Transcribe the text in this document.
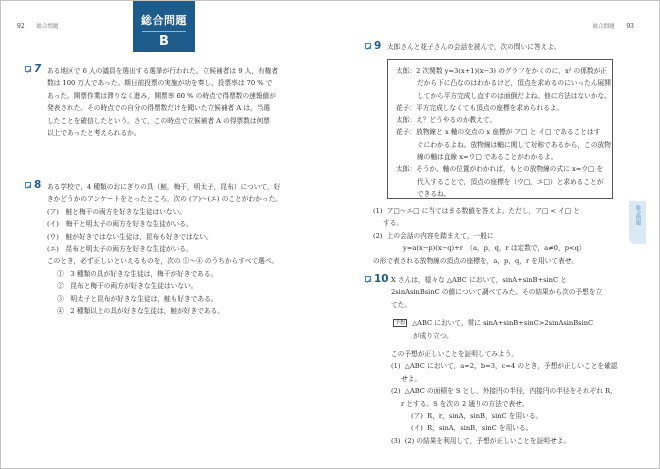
92 総合問題	総合問題
B
7 ある地区で 6 人の議員を選出する選挙が行われた。立候補者は 9 人，有権者
数は 100 万人であった。期日前投票の実施が功を奏し，投票率は 70 % で
あった。開票作業は滞りなく進み，開票率 60 % の時点で得票数の速報値が
発表された。その時点での自分の得票数だけを聞いた立候補者 A は，当選
したことを確信したという。さて，この時点で立候補者 A の得票数は何票
以上であったと考えられるか。
8 ある学校で，4 種類のおにぎりの具（鮭，梅干，明太子，昆布）について，好
きかどうかのアンケートをとったところ，次の (ア)～(エ) のことがわかった。
(ア)　鮭と梅干の両方を好きな生徒はいない。
(イ)　梅干と明太子の両方を好きな生徒がいる。
(ウ)　鮭が好きではない生徒は，昆布も好きではない。
(エ)　昆布と明太子の両方を好きな生徒がいる。
このとき，必ず正しいといえるものを，次の ①～④ のうちからすべて選べ。
①　3 種類の具が好きな生徒は，梅干が好きである。
②　昆布と梅干の両方が好きな生徒はいない。
③　明太子と昆布が好きな生徒は，鮭も好きである。
④　2 種類以上の具が好きな生徒は，鮭が好きである。
総合問題 93
9 太郎さんと花子さんの会話を読んで，次の問いに答えよ。
太郎：2 次関数 y=3(x+1)(x−3) のグラフをかくのに，x² の係数が正
だから下に凸なのはわかるけど，頂点を求めるのにいったん展開
してから平方完成し直すのは面倒だよね。他に方法はないかな。
花子：平方完成しなくても頂点の座標を求められるよ。
太郎：え？どうやるのか教えて。
花子：放物線と x 軸の交点の x 座標が ア□ と イ□ であることはす
ぐにわかるよね。放物線は軸に関して対称であるから，この放物
線の軸は直線 x=ウ□ であることがわかるよ。
太郎：そうか。軸の位置がわかれば，もとの放物線の式に x=ウ□ を
代入することで，頂点の座標を（ウ□，エ□）と求めることが
できるね。
(1) ア□～エ□ に当てはまる数値を答えよ。ただし，ア□ < イ□ と
する。
(2) 上の会話の内容を踏まえて，一般に
y=a(x−p)(x−q)+r　（a，p，q，r は定数で，a≠0，p<q）
の形で表される放物線の頂点の座標を，a，p，q，r を用いて表せ。
10 X さんは，様々な △ABC において，sinA+sinB+sinC と
2sinAsinBsinC の値について調べてみた。その結果から次の予想を立
てた。
予想 △ABC において，常に sinA+sinB+sinC>2sinAsinBsinC
が成り立つ。
この予想が正しいことを証明してみよう。
(1) △ABC において，a=2，b=3，c=4 のとき，予想が正しいことを確認
せよ。
(2) △ABC の面積を S とし，外接円の半径，内接円の半径をそれぞれ R，
r とする。S を次の 2 通りの方法で表せ。
(ア) R，r，sinA，sinB，sinC を用いる。
(イ) R，sinA，sinB，sinC を用いる。
(3) (2) の結果を利用して，予想が正しいことを証明せよ。
総合問題
